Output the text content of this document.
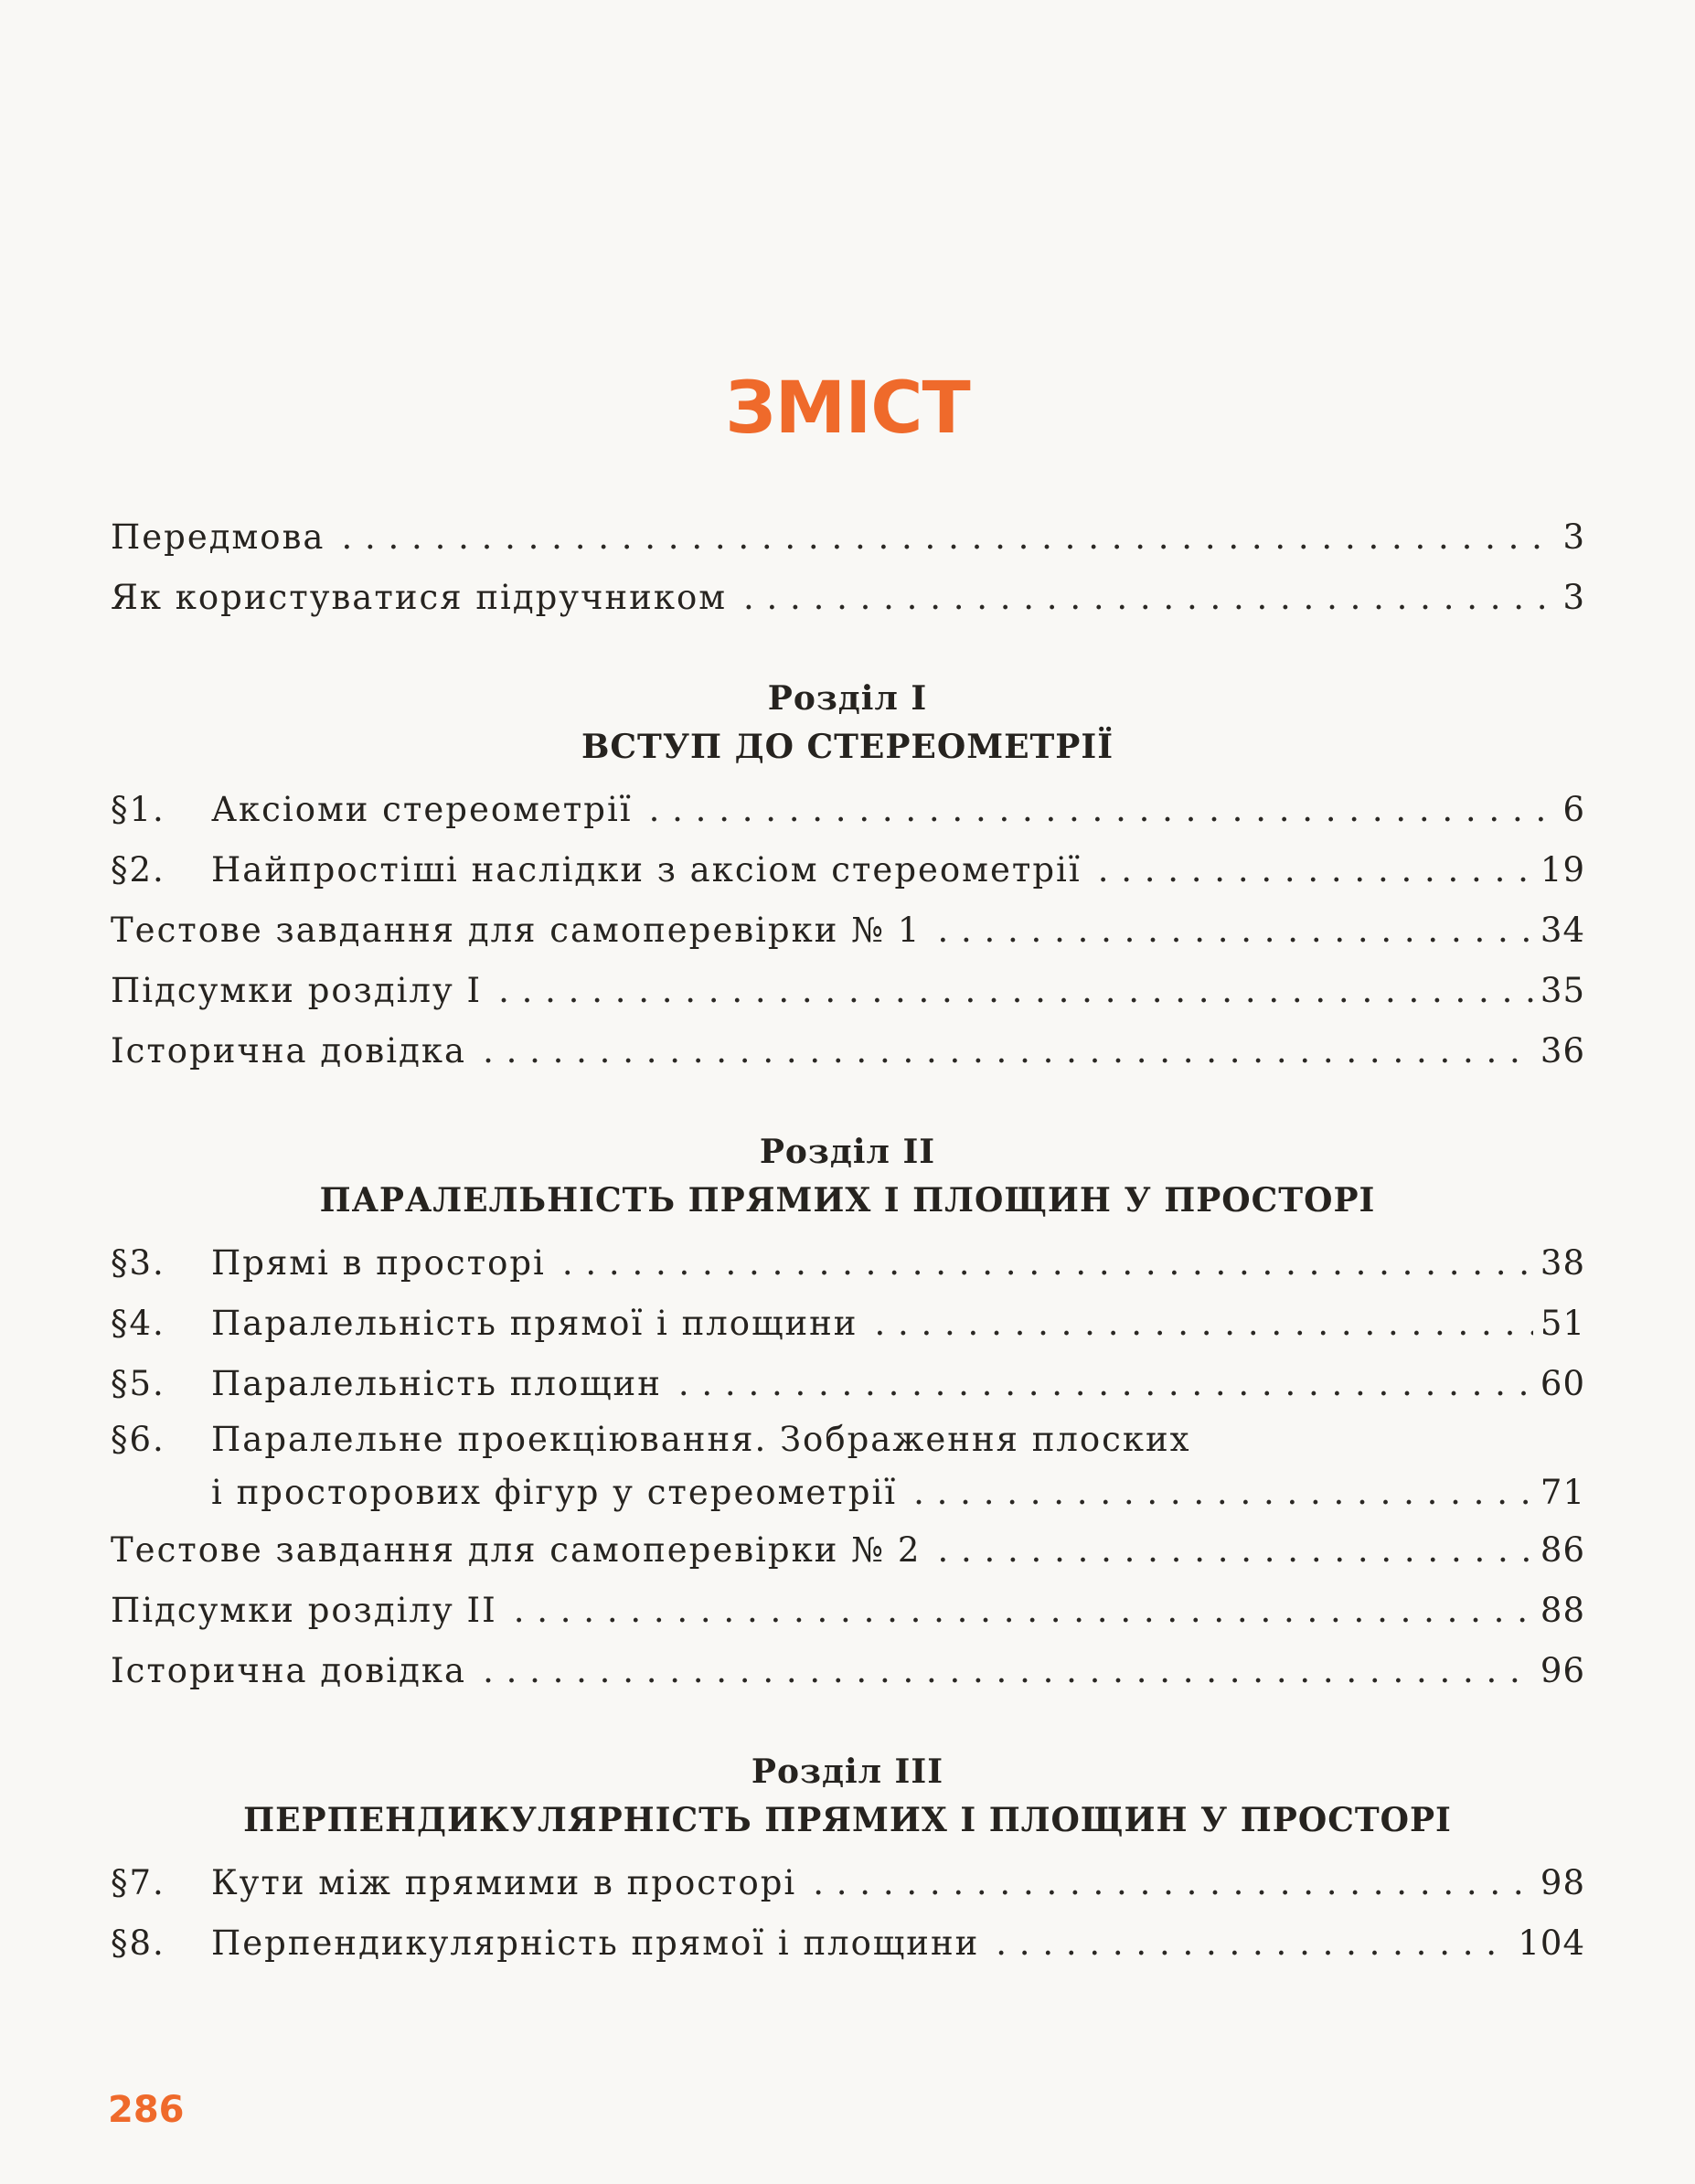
ЗМІСТ
Передмова . . .	3
Як користуватися підручником . . .	3
Розділ I
ВСТУП ДО СТЕРЕОМЕТРІЇ
§1.	Аксіоми стереометрії . . .	6
§2.	Найпростіші наслідки з аксіом стереометрії . . .	19
Тестове завдання для самоперевірки № 1 . . .	34
Підсумки розділу I . . .	35
Історична довідка . . .	36
Розділ II
ПАРАЛЕЛЬНІСТЬ ПРЯМИХ І ПЛОЩИН У ПРОСТОРІ
§3.	Прямі в просторі . . .	38
§4.	Паралельність прямої і площини . . .	51
§5.	Паралельність площин . . .	60
§6.	Паралельне проекціювання. Зображення плоских
і просторових фігур у стереометрії . . .	71
Тестове завдання для самоперевірки № 2 . . .	86
Підсумки розділу II . . .	88
Історична довідка . . .	96
Розділ III
ПЕРПЕНДИКУЛЯРНІСТЬ ПРЯМИХ І ПЛОЩИН У ПРОСТОРІ
§7.	Кути між прямими в просторі . . .	98
§8.	Перпендикулярність прямої і площини . . .	104
286
